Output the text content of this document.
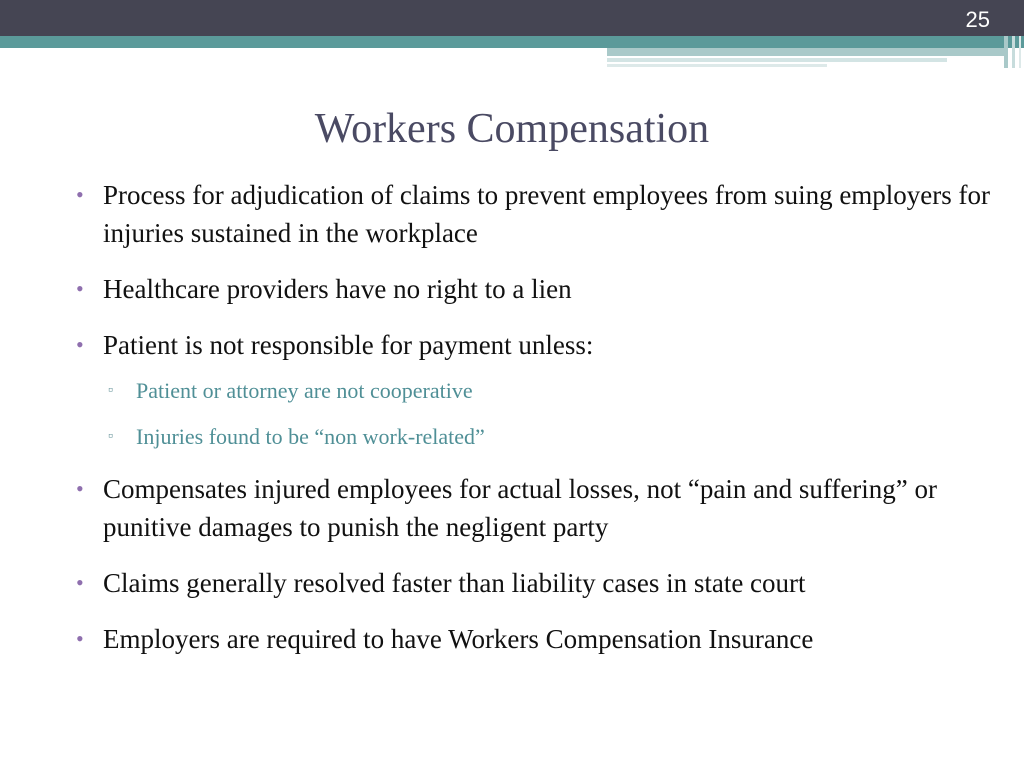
25
Workers Compensation
• Process for adjudication of claims to prevent employees from suing employers for injuries sustained in the workplace
• Healthcare providers have no right to a lien
• Patient is not responsible for payment unless:
▫ Patient or attorney are not cooperative
▫ Injuries found to be “non work-related”
• Compensates injured employees for actual losses, not “pain and suffering” or punitive damages to punish the negligent party
• Claims generally resolved faster than liability cases in state court
• Employers are required to have Workers Compensation Insurance
